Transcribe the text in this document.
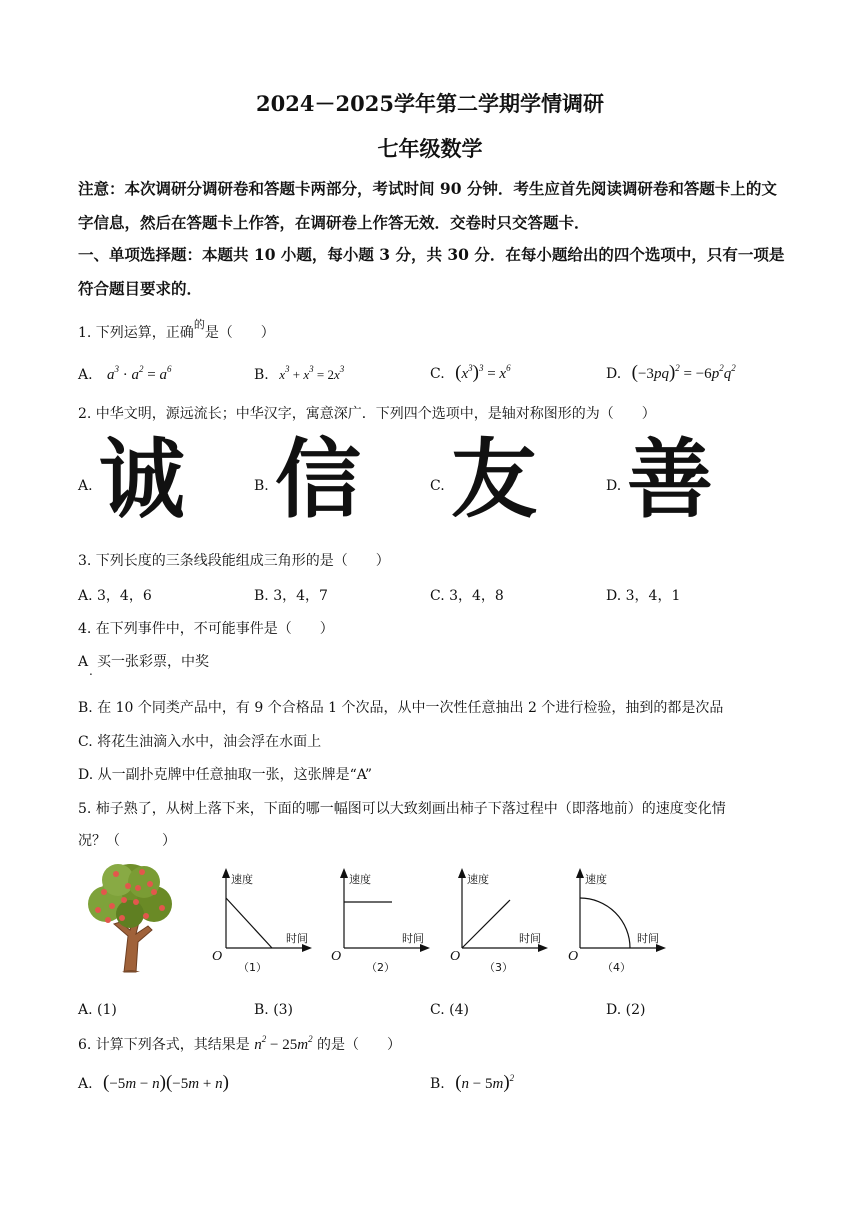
2024－2025学年第二学期学情调研
七年级数学
注意：本次调研分调研卷和答题卡两部分，考试时间 90 分钟．考生应首先阅读调研卷和答题卡上的文字信息，然后在答题卡上作答，在调研卷上作答无效．交卷时只交答题卡．
一、单项选择题：本题共 10 小题，每小题 3 分，共 30 分．在每小题给出的四个选项中，只有一项是符合题目要求的．
1. 下列运算，正确$^的$是（　　）
A. $a^3 \cdot a^2 = a^6$	B. $x^3 + x^3 = 2x^3$	C. $(x^3)^3 = x^6$	D. $(-3pq)^2 = -6p^2q^2$
2. 中华文明，源远流长；中华汉字，寓意深广．下列四个选项中，是轴对称图形的为（　　）
A. 诚	B. 信	C. 友	D. 善
3. 下列长度的三条线段能组成三角形的是（　　）
A. 3，4，6	B. 3，4，7	C. 3，4，8	D. 3，4，1
4. 在下列事件中，不可能事件是（　　）
A 买一张彩票，中奖
.
B. 在 10 个同类产品中，有 9 个合格品 1 个次品，从中一次性任意抽出 2 个进行检验，抽到的都是次品
C. 将花生油滴入水中，油会浮在水面上
D. 从一副扑克牌中任意抽取一张，这张牌是“A”
5. 柿子熟了，从树上落下来，下面的哪一幅图可以大致刻画出柿子下落过程中（即落地前）的速度变化情
况？（　　　）
速度
时间
O
（1）
速度
时间
O
（2）
速度
时间
O
（3）
速度
时间
O
（4）
A. (1)	B. (3)	C. (4)	D. (2)
6. 计算下列各式，其结果是 $n^2 - 25m^2$ 的是（　　）
A. (−5m − n)(−5m + n)	B. $(n - 5m)^2$
